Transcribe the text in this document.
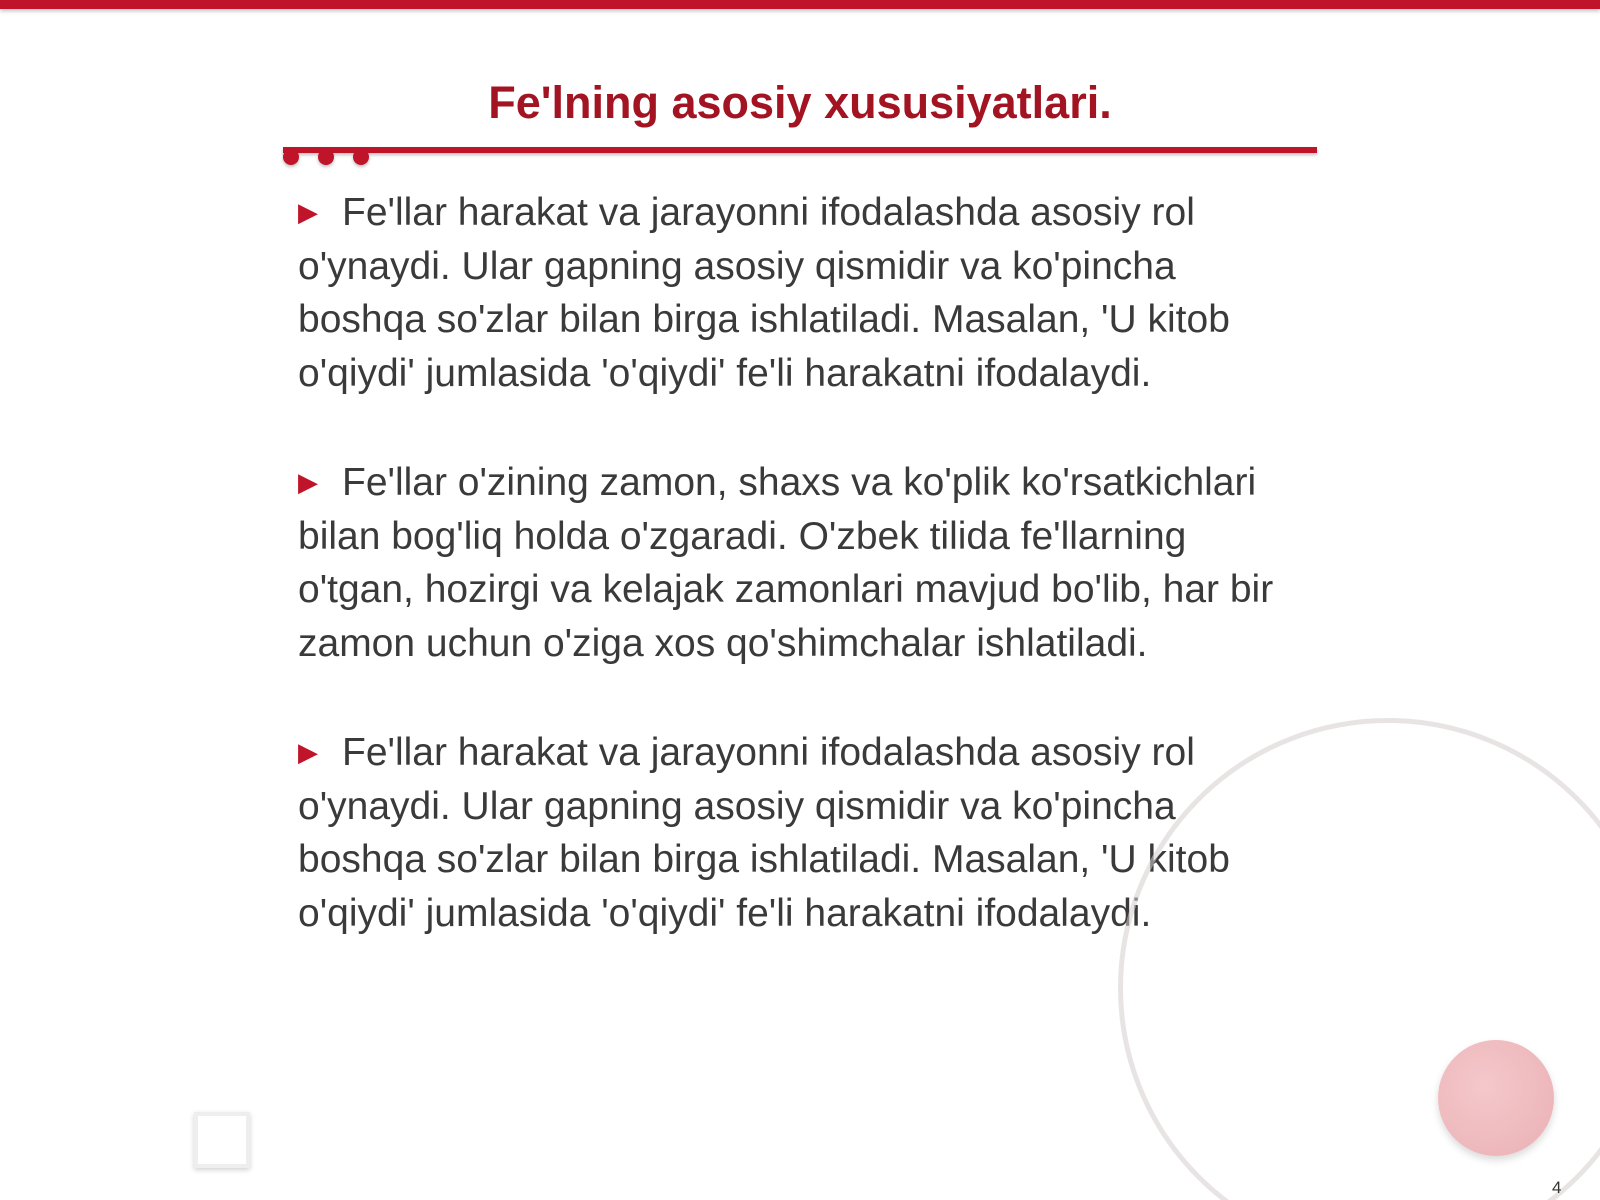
Fe'lning asosiy xususiyatlari.

▶ Fe'llar harakat va jarayonni ifodalashda asosiy rol o'ynaydi. Ular gapning asosiy qismidir va ko'pincha boshqa so'zlar bilan birga ishlatiladi. Masalan, 'U kitob o'qiydi' jumlasida 'o'qiydi' fe'li harakatni ifodalaydi.

▶ Fe'llar o'zining zamon, shaxs va ko'plik ko'rsatkichlari bilan bog'liq holda o'zgaradi. O'zbek tilida fe'llarning o'tgan, hozirgi va kelajak zamonlari mavjud bo'lib, har bir zamon uchun o'ziga xos qo'shimchalar ishlatiladi.

▶ Fe'llar harakat va jarayonni ifodalashda asosiy rol o'ynaydi. Ular gapning asosiy qismidir va ko'pincha boshqa so'zlar bilan birga ishlatiladi. Masalan, 'U kitob o'qiydi' jumlasida 'o'qiydi' fe'li harakatni ifodalaydi.

4
